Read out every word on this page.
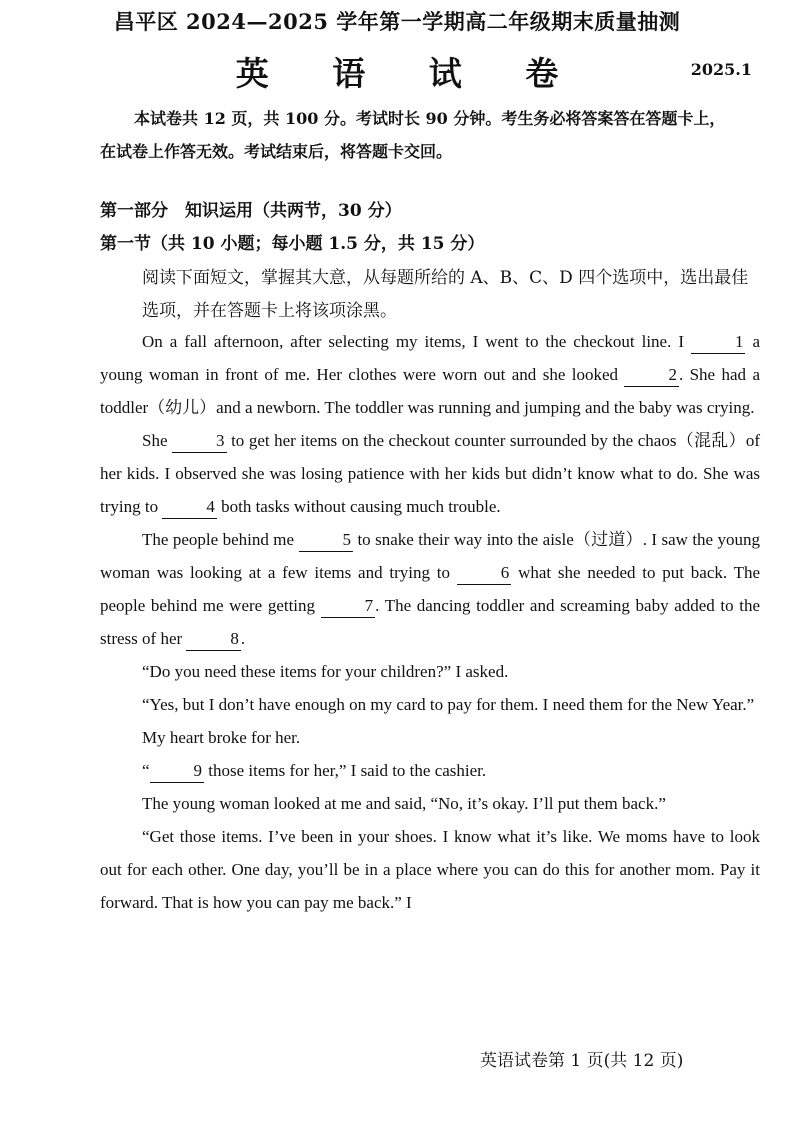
昌平区 2024—2025 学年第一学期高二年级期末质量抽测
英 语 试 卷	2025.1
本试卷共 12 页，共 100 分。考试时长 90 分钟。考生务必将答案答在答题卡上，
在试卷上作答无效。考试结束后，将答题卡交回。
第一部分　知识运用（共两节，30 分）
第一节（共 10 小题；每小题 1.5 分，共 15 分）
阅读下面短文，掌握其大意，从每题所给的 A、B、C、D 四个选项中，选出最佳选项，并在答题卡上将该项涂黑。

On a fall afternoon, after selecting my items, I went to the checkout line. I	1 a young woman in front of me. Her clothes were worn out and she looked	2 . She had a toddler（幼儿）and a newborn. The toddler was running and jumping and the baby was crying.

She	3 to get her items on the checkout counter surrounded by the chaos（混乱）of her kids. I observed she was losing patience with her kids but didn’t know what to do. She was trying to	4 both tasks without causing much trouble.

The people behind me	5 to snake their way into the aisle（过道）. I saw the young woman was looking at a few items and trying to	6 what she needed to put back. The people behind me were getting	7 . The dancing toddler and screaming baby added to the stress of her	8 .

“Do you need these items for your children?” I asked.

“Yes, but I don’t have enough on my card to pay for them. I need them for the New Year.”

My heart broke for her.

“	9 those items for her,” I said to the cashier.

The young woman looked at me and said, “No, it’s okay. I’ll put them back.”

“Get those items. I’ve been in your shoes. I know what it’s like. We moms have to look out for each other. One day, you’ll be in a place where you can do this for another mom. Pay it forward. That is how you can pay me back.” I

英语试卷第 1 页(共 12 页)
